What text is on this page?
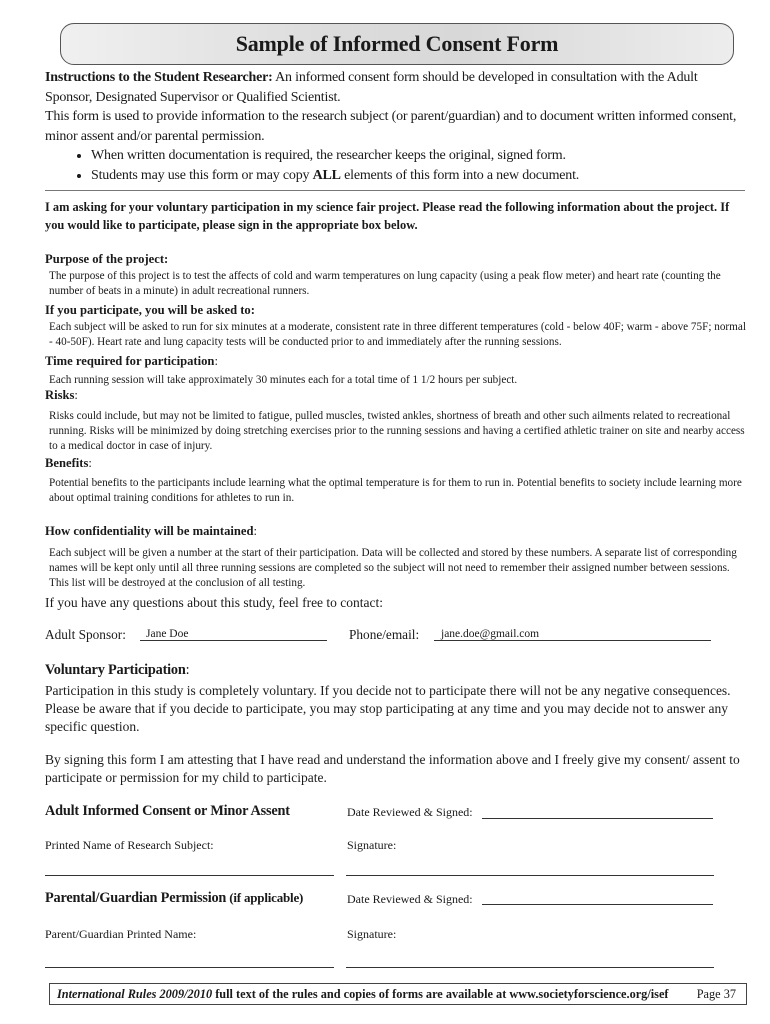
Sample of Informed Consent Form
Instructions to the Student Researcher: An informed consent form should be developed in consultation with the Adult Sponsor, Designated Supervisor or Qualified Scientist.
This form is used to provide information to the research subject (or parent/guardian) and to document written informed consent, minor assent and/or parental permission.
• When written documentation is required, the researcher keeps the original, signed form.
• Students may use this form or may copy ALL elements of this form into a new document.
I am asking for your voluntary participation in my science fair project. Please read the following information about the project. If you would like to participate, please sign in the appropriate box below.
Purpose of the project:
The purpose of this project is to test the affects of cold and warm temperatures on lung capacity (using a peak flow meter) and heart rate (counting the number of beats in a minute) in adult recreational runners.
If you participate, you will be asked to:
Each subject will be asked to run for six minutes at a moderate, consistent rate in three different temperatures (cold - below 40F; warm - above 75F; normal - 40-50F). Heart rate and lung capacity tests will be conducted prior to and immediately after the running sessions.
Time required for participation:
Each running session will take approximately 30 minutes each for a total time of 1 1/2 hours per subject.
Risks:
Risks could include, but may not be limited to fatigue, pulled muscles, twisted ankles, shortness of breath and other such ailments related to recreational running. Risks will be minimized by doing stretching exercises prior to the running sessions and having a certified athletic trainer on site and nearby access to a medical doctor in case of injury.
Benefits:
Potential benefits to the participants include learning what the optimal temperature is for them to run in. Potential benefits to society include learning more about optimal training conditions for athletes to run in.
How confidentiality will be maintained:
Each subject will be given a number at the start of their participation. Data will be collected and stored by these numbers. A separate list of corresponding names will be kept only until all three running sessions are completed so the subject will not need to remember their assigned number between sessions. This list will be destroyed at the conclusion of all testing.
If you have any questions about this study, feel free to contact:
Adult Sponsor: Jane Doe	Phone/email: jane.doe@gmail.com
Voluntary Participation:
Participation in this study is completely voluntary. If you decide not to participate there will not be any negative consequences. Please be aware that if you decide to participate, you may stop participating at any time and you may decide not to answer any specific question.
By signing this form I am attesting that I have read and understand the information above and I freely give my consent/ assent to participate or permission for my child to participate.
Adult Informed Consent or Minor Assent	Date Reviewed & Signed:
Printed Name of Research Subject:	Signature:
Parental/Guardian Permission (if applicable)	Date Reviewed & Signed:
Parent/Guardian Printed Name:	Signature:
International Rules 2009/2010 full text of the rules and copies of forms are available at www.societyforscience.org/isef Page 37
